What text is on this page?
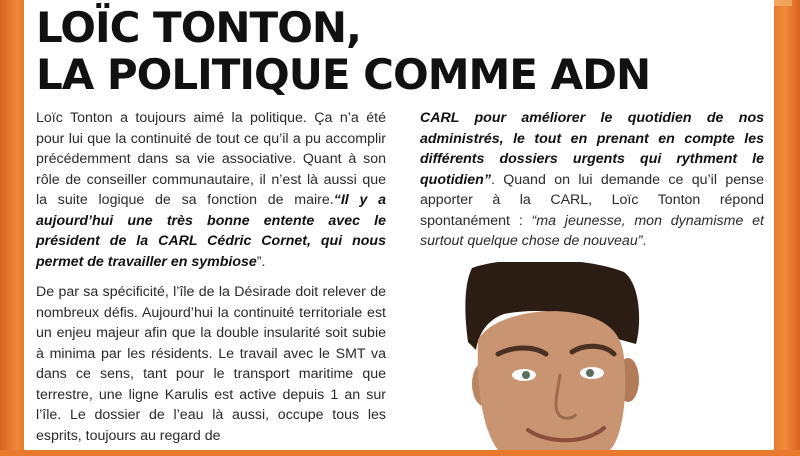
LOÏC TONTON,
LA POLITIQUE COMME ADN

Loïc Tonton a toujours aimé la politique. Ça n’a été pour lui que la continuité de tout ce qu’il a pu accomplir précédemment dans sa vie associative. Quant à son rôle de conseiller communautaire, il n’est là aussi que la suite logique de sa fonction de maire.“Il y a aujourd’hui une très bonne entente avec le président de la CARL Cédric Cornet, qui nous permet de travailler en symbiose”.

De par sa spécificité, l’île de la Désirade doit relever de nombreux défis. Aujourd’hui la continuité territoriale est un enjeu majeur afin que la double insularité soit subie à minima par les résidents. Le travail avec le SMT va dans ce sens, tant pour le transport maritime que terrestre, une ligne Karulis est active depuis 1 an sur l’île. Le dossier de l’eau là aussi, occupe tous les esprits, toujours au regard de

CARL pour améliorer le quotidien de nos administrés, le tout en prenant en compte les différents dossiers urgents qui rythment le quotidien”. Quand on lui demande ce qu’il pense apporter à la CARL, Loïc Tonton répond spontanément : “ma jeunesse, mon dynamisme et surtout quelque chose de nouveau”.
